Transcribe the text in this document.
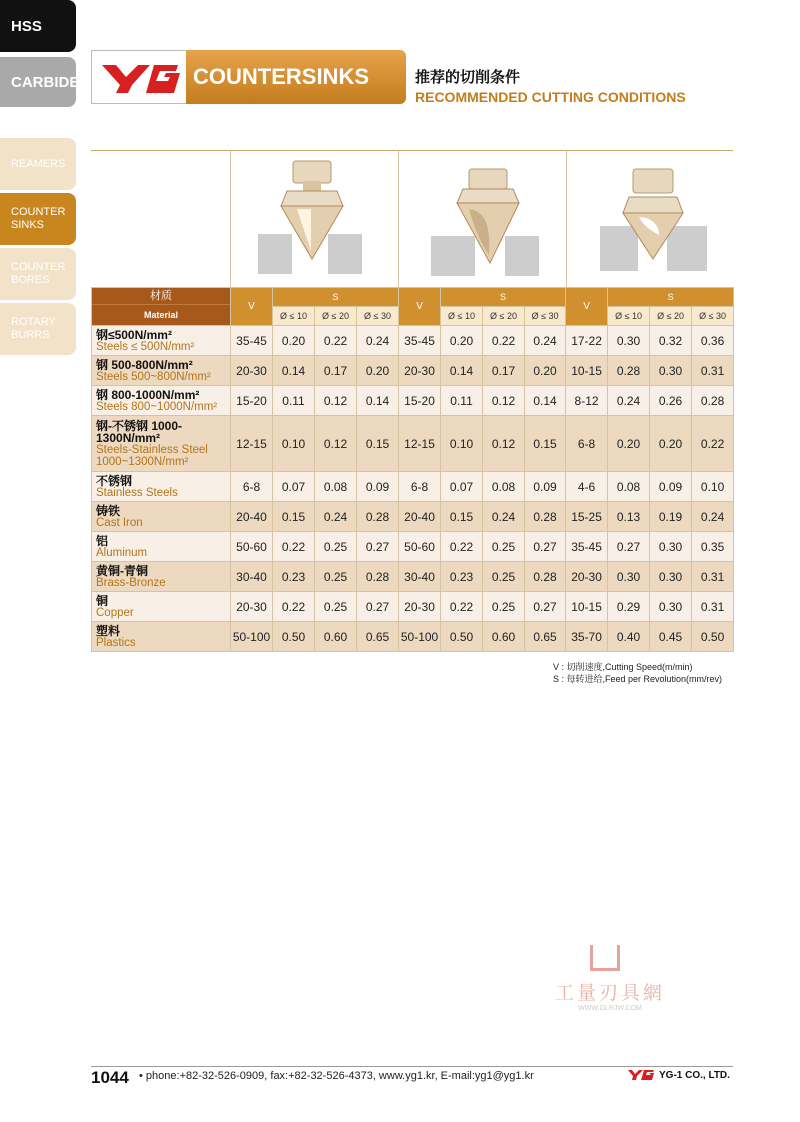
HSS
CARBIDE
REAMERS
COUNTER
SINKS
COUNTER
BORES
ROTARY
BURRS
COUNTERSINKS	推荐的切削条件
RECOMMENDED CUTTING CONDITIONS
材质
Material	V	S			V	S			V	S		
		Ø ≤ 10	Ø ≤ 20	Ø ≤ 30		Ø ≤ 10	Ø ≤ 20	Ø ≤ 30		Ø ≤ 10	Ø ≤ 20	Ø ≤ 30

钢≤500N/mm²
Steels ≤ 500N/mm²	35-45	0.20	0.22	0.24	35-45	0.20	0.22	0.24	17-22	0.30	0.32	0.36

钢 500-800N/mm²
Steels 500~800N/mm²	20-30	0.14	0.17	0.20	20-30	0.14	0.17	0.20	10-15	0.28	0.30	0.31

钢 800-1000N/mm²
Steels 800~1000N/mm²	15-20	0.11	0.12	0.14	15-20	0.11	0.12	0.14	8-12	0.24	0.26	0.28

钢-不锈钢 1000-1300N/mm²
Steels-Stainless Steel 1000~1300N/mm²	12-15	0.10	0.12	0.15	12-15	0.10	0.12	0.15	6-8	0.20	0.20	0.22

不锈钢
Stainless Steels	6-8	0.07	0.08	0.09	6-8	0.07	0.08	0.09	4-6	0.08	0.09	0.10

铸铁
Cast Iron	20-40	0.15	0.24	0.28	20-40	0.15	0.24	0.28	15-25	0.13	0.19	0.24

铝
Aluminum	50-60	0.22	0.25	0.27	50-60	0.22	0.25	0.27	35-45	0.27	0.30	0.35

黄铜-青铜
Brass-Bronze	30-40	0.23	0.25	0.28	30-40	0.23	0.25	0.28	20-30	0.30	0.30	0.31

铜
Copper	20-30	0.22	0.25	0.27	20-30	0.22	0.25	0.27	10-15	0.29	0.30	0.31

塑料
Plastics	50-100	0.50	0.60	0.65	50-100	0.50	0.60	0.65	35-70	0.40	0.45	0.50
V : 切削速度,Cutting Speed(m/min)
S : 每转进给,Feed per Revolution(mm/rev)
工量刃具網
WWW.GLRJW.COM
1044 • phone:+82-32-526-0909, fax:+82-32-526-4373, www.yg1.kr, E-mail:yg1@yg1.kr	YG-1 CO., LTD.
